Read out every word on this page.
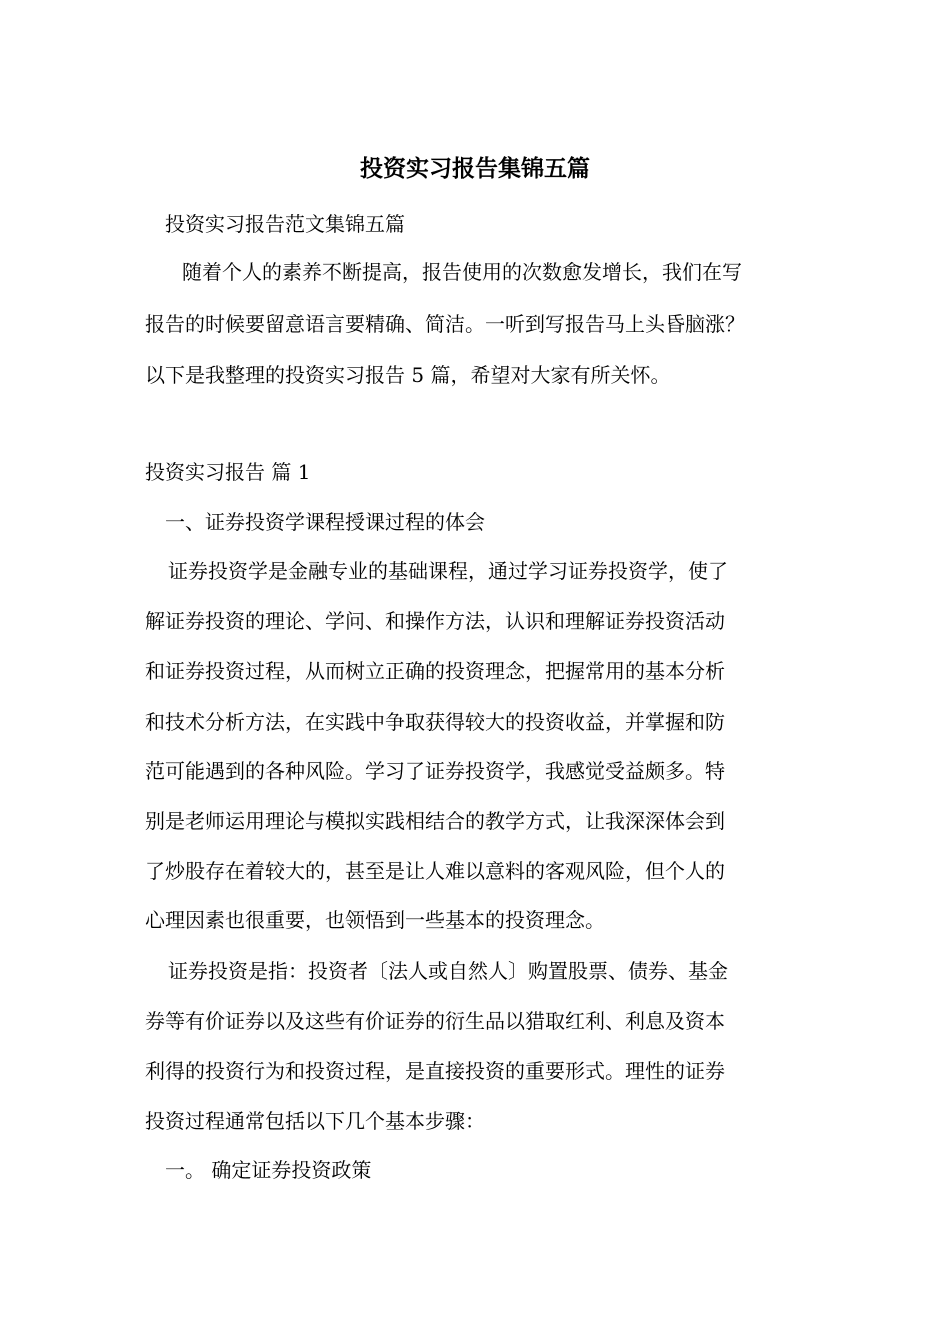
投资实习报告集锦五篇

投资实习报告范文集锦五篇

随着个人的素养不断提高，报告使用的次数愈发增长，我们在写

报告的时候要留意语言要精确、简洁。一听到写报告马上头昏脑涨？

以下是我整理的投资实习报告 5 篇，希望对大家有所关怀。

投资实习报告 篇 1

一、证券投资学课程授课过程的体会

证券投资学是金融专业的基础课程，通过学习证券投资学，使了

解证券投资的理论、学问、和操作方法，认识和理解证券投资活动

和证券投资过程，从而树立正确的投资理念，把握常用的基本分析

和技术分析方法，在实践中争取获得较大的投资收益，并掌握和防

范可能遇到的各种风险。学习了证券投资学，我感觉受益颇多。特

别是老师运用理论与模拟实践相结合的教学方式，让我深深体会到

了炒股存在着较大的，甚至是让人难以意料的客观风险，但个人的

心理因素也很重要，也领悟到一些基本的投资理念。

证券投资是指：投资者〔法人或自然人〕购置股票、债券、基金

券等有价证券以及这些有价证券的衍生品以猎取红利、利息及资本

利得的投资行为和投资过程，是直接投资的重要形式。理性的证券

投资过程通常包括以下几个基本步骤：

一。 确定证券投资政策
